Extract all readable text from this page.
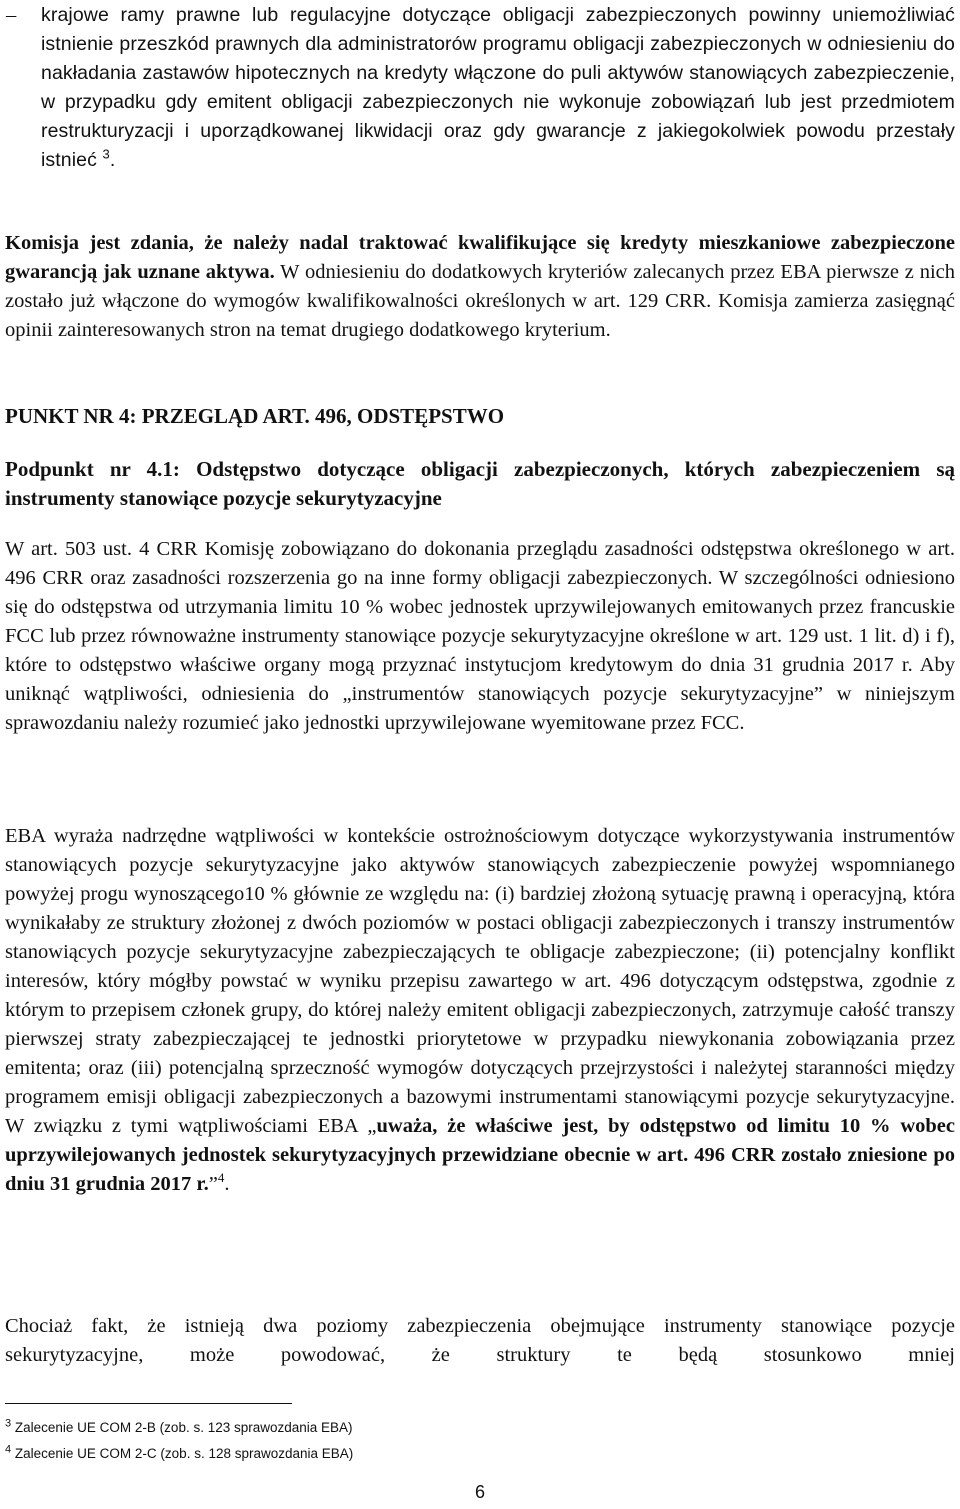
– krajowe ramy prawne lub regulacyjne dotyczące obligacji zabezpieczonych powinny uniemożliwiać istnienie przeszkód prawnych dla administratorów programu obligacji zabezpieczonych w odniesieniu do nakładania zastawów hipotecznych na kredyty włączone do puli aktywów stanowiących zabezpieczenie, w przypadku gdy emitent obligacji zabezpieczonych nie wykonuje zobowiązań lub jest przedmiotem restrukturyzacji i uporządkowanej likwidacji oraz gdy gwarancje z jakiegokolwiek powodu przestały istnieć $^3$.

Komisja jest zdania, że należy nadal traktować kwalifikujące się kredyty mieszkaniowe zabezpieczone gwarancją jak uznane aktywa. W odniesieniu do dodatkowych kryteriów zalecanych przez EBA pierwsze z nich zostało już włączone do wymogów kwalifikowalności określonych w art. 129 CRR. Komisja zamierza zasięgnąć opinii zainteresowanych stron na temat drugiego dodatkowego kryterium.

PUNKT NR 4: PRZEGLĄD ART. 496, ODSTĘPSTWO

Podpunkt nr 4.1: Odstępstwo dotyczące obligacji zabezpieczonych, których zabezpieczeniem są instrumenty stanowiące pozycje sekurytyzacyjne

W art. 503 ust. 4 CRR Komisję zobowiązano do dokonania przeglądu zasadności odstępstwa określonego w art. 496 CRR oraz zasadności rozszerzenia go na inne formy obligacji zabezpieczonych. W szczególności odniesiono się do odstępstwa od utrzymania limitu 10 % wobec jednostek uprzywilejowanych emitowanych przez francuskie FCC lub przez równoważne instrumenty stanowiące pozycje sekurytyzacyjne określone w art. 129 ust. 1 lit. d) i f), które to odstępstwo właściwe organy mogą przyznać instytucjom kredytowym do dnia 31 grudnia 2017 r. Aby uniknąć wątpliwości, odniesienia do „instrumentów stanowiących pozycje sekurytyzacyjne” w niniejszym sprawozdaniu należy rozumieć jako jednostki uprzywilejowane wyemitowane przez FCC.

EBA wyraża nadrzędne wątpliwości w kontekście ostrożnościowym dotyczące wykorzystywania instrumentów stanowiących pozycje sekurytyzacyjne jako aktywów stanowiących zabezpieczenie powyżej wspomnianego powyżej progu wynoszącego10 % głównie ze względu na: (i) bardziej złożoną sytuację prawną i operacyjną, która wynikałaby ze struktury złożonej z dwóch poziomów w postaci obligacji zabezpieczonych i transzy instrumentów stanowiących pozycje sekurytyzacyjne zabezpieczających te obligacje zabezpieczone; (ii) potencjalny konflikt interesów, który mógłby powstać w wyniku przepisu zawartego w art. 496 dotyczącym odstępstwa, zgodnie z którym to przepisem członek grupy, do której należy emitent obligacji zabezpieczonych, zatrzymuje całość transzy pierwszej straty zabezpieczającej te jednostki priorytetowe w przypadku niewykonania zobowiązania przez emitenta; oraz (iii) potencjalną sprzeczność wymogów dotyczących przejrzystości i należytej staranności między programem emisji obligacji zabezpieczonych a bazowymi instrumentami stanowiącymi pozycje sekurytyzacyjne. W związku z tymi wątpliwościami EBA „uważa, że właściwe jest, by odstępstwo od limitu 10 % wobec uprzywilejowanych jednostek sekurytyzacyjnych przewidziane obecnie w art. 496 CRR zostało zniesione po dniu 31 grudnia 2017 r.”$^4$.

Chociaż fakt, że istnieją dwa poziomy zabezpieczenia obejmujące instrumenty stanowiące pozycje sekurytyzacyjne, może powodować, że struktury te będą stosunkowo mniej

$^3$ Zalecenie UE COM 2-B (zob. s. 123 sprawozdania EBA)
$^4$ Zalecenie UE COM 2-C (zob. s. 128 sprawozdania EBA)
6
